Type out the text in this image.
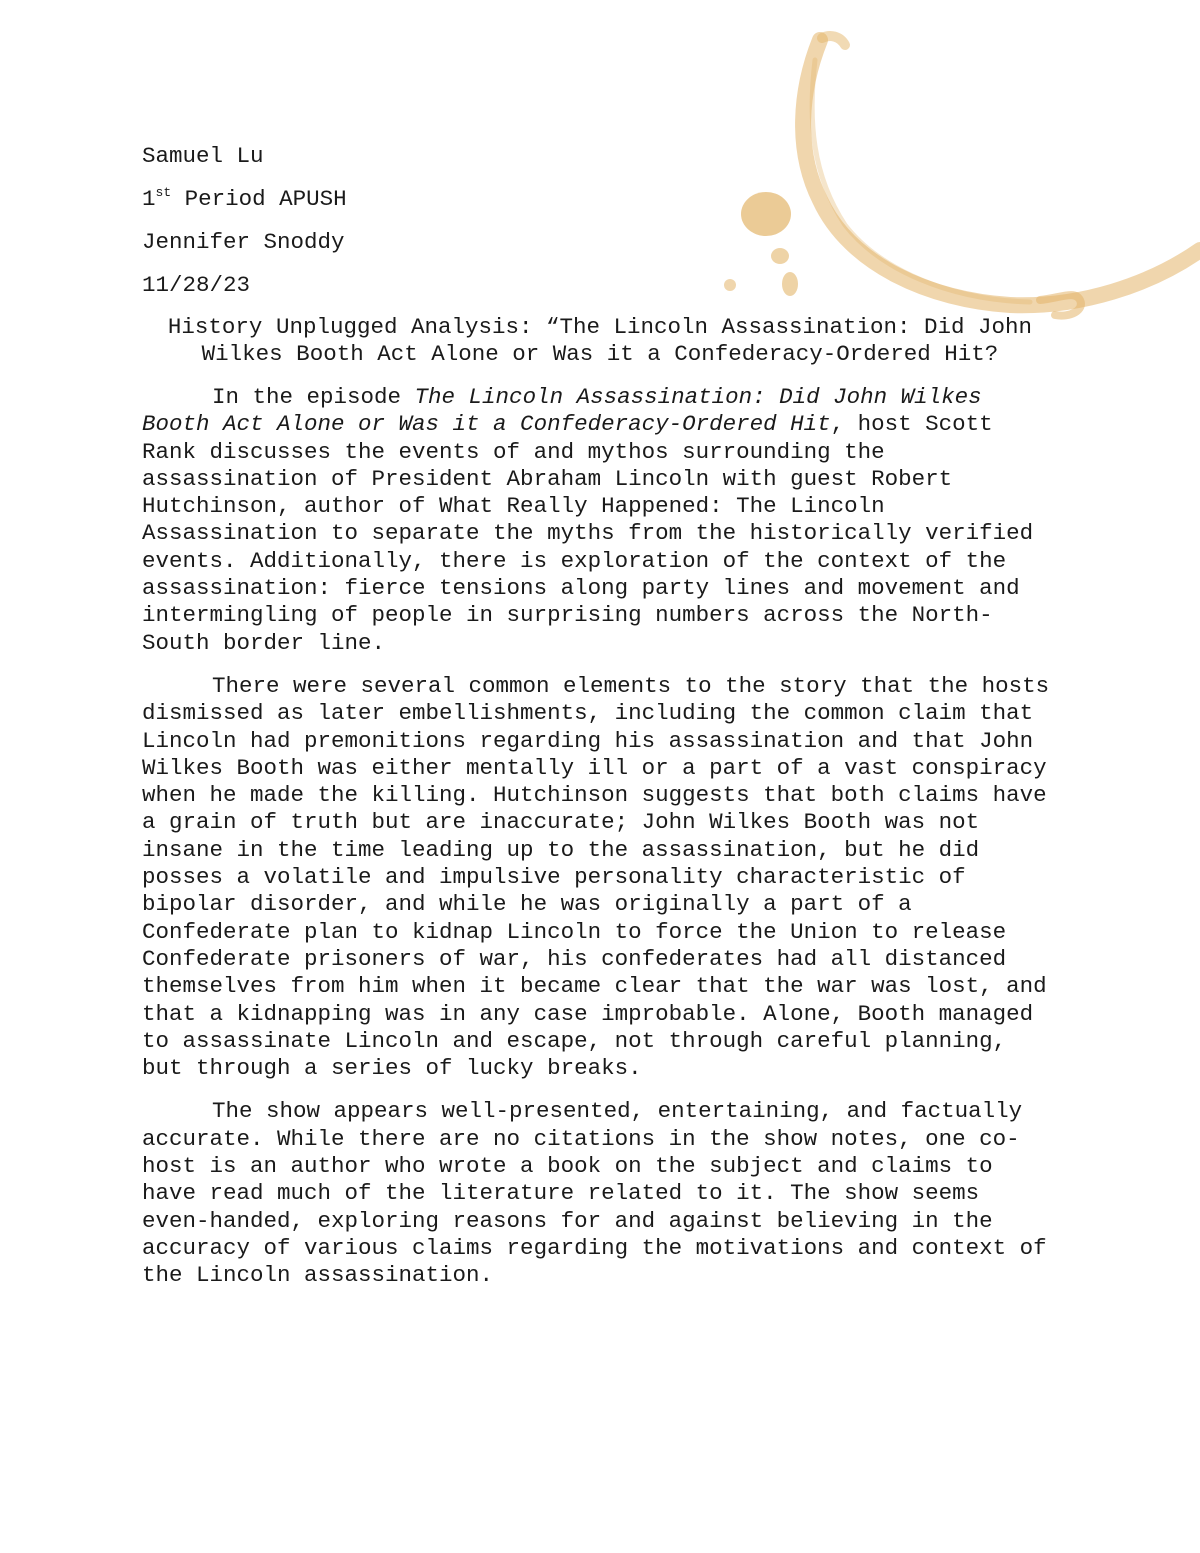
Samuel Lu

1st Period APUSH

Jennifer Snoddy

11/28/23

History Unplugged Analysis: “The Lincoln Assassination: Did John Wilkes Booth Act Alone or Was it a Confederacy-Ordered Hit?

In the episode The Lincoln Assassination: Did John Wilkes Booth Act Alone or Was it a Confederacy-Ordered Hit, host Scott Rank discusses the events of and mythos surrounding the assassination of President Abraham Lincoln with guest Robert Hutchinson, author of What Really Happened: The Lincoln Assassination to separate the myths from the historically verified events. Additionally, there is exploration of the context of the assassination: fierce tensions along party lines and movement and intermingling of people in surprising numbers across the North-South border line.

There were several common elements to the story that the hosts dismissed as later embellishments, including the common claim that Lincoln had premonitions regarding his assassination and that John Wilkes Booth was either mentally ill or a part of a vast conspiracy when he made the killing. Hutchinson suggests that both claims have a grain of truth but are inaccurate; John Wilkes Booth was not insane in the time leading up to the assassination, but he did posses a volatile and impulsive personality characteristic of bipolar disorder, and while he was originally a part of a Confederate plan to kidnap Lincoln to force the Union to release Confederate prisoners of war, his confederates had all distanced themselves from him when it became clear that the war was lost, and that a kidnapping was in any case improbable. Alone, Booth managed to assassinate Lincoln and escape, not through careful planning, but through a series of lucky breaks.

The show appears well-presented, entertaining, and factually accurate. While there are no citations in the show notes, one co-host is an author who wrote a book on the subject and claims to have read much of the literature related to it. The show seems even-handed, exploring reasons for and against believing in the accuracy of various claims regarding the motivations and context of the Lincoln assassination.
